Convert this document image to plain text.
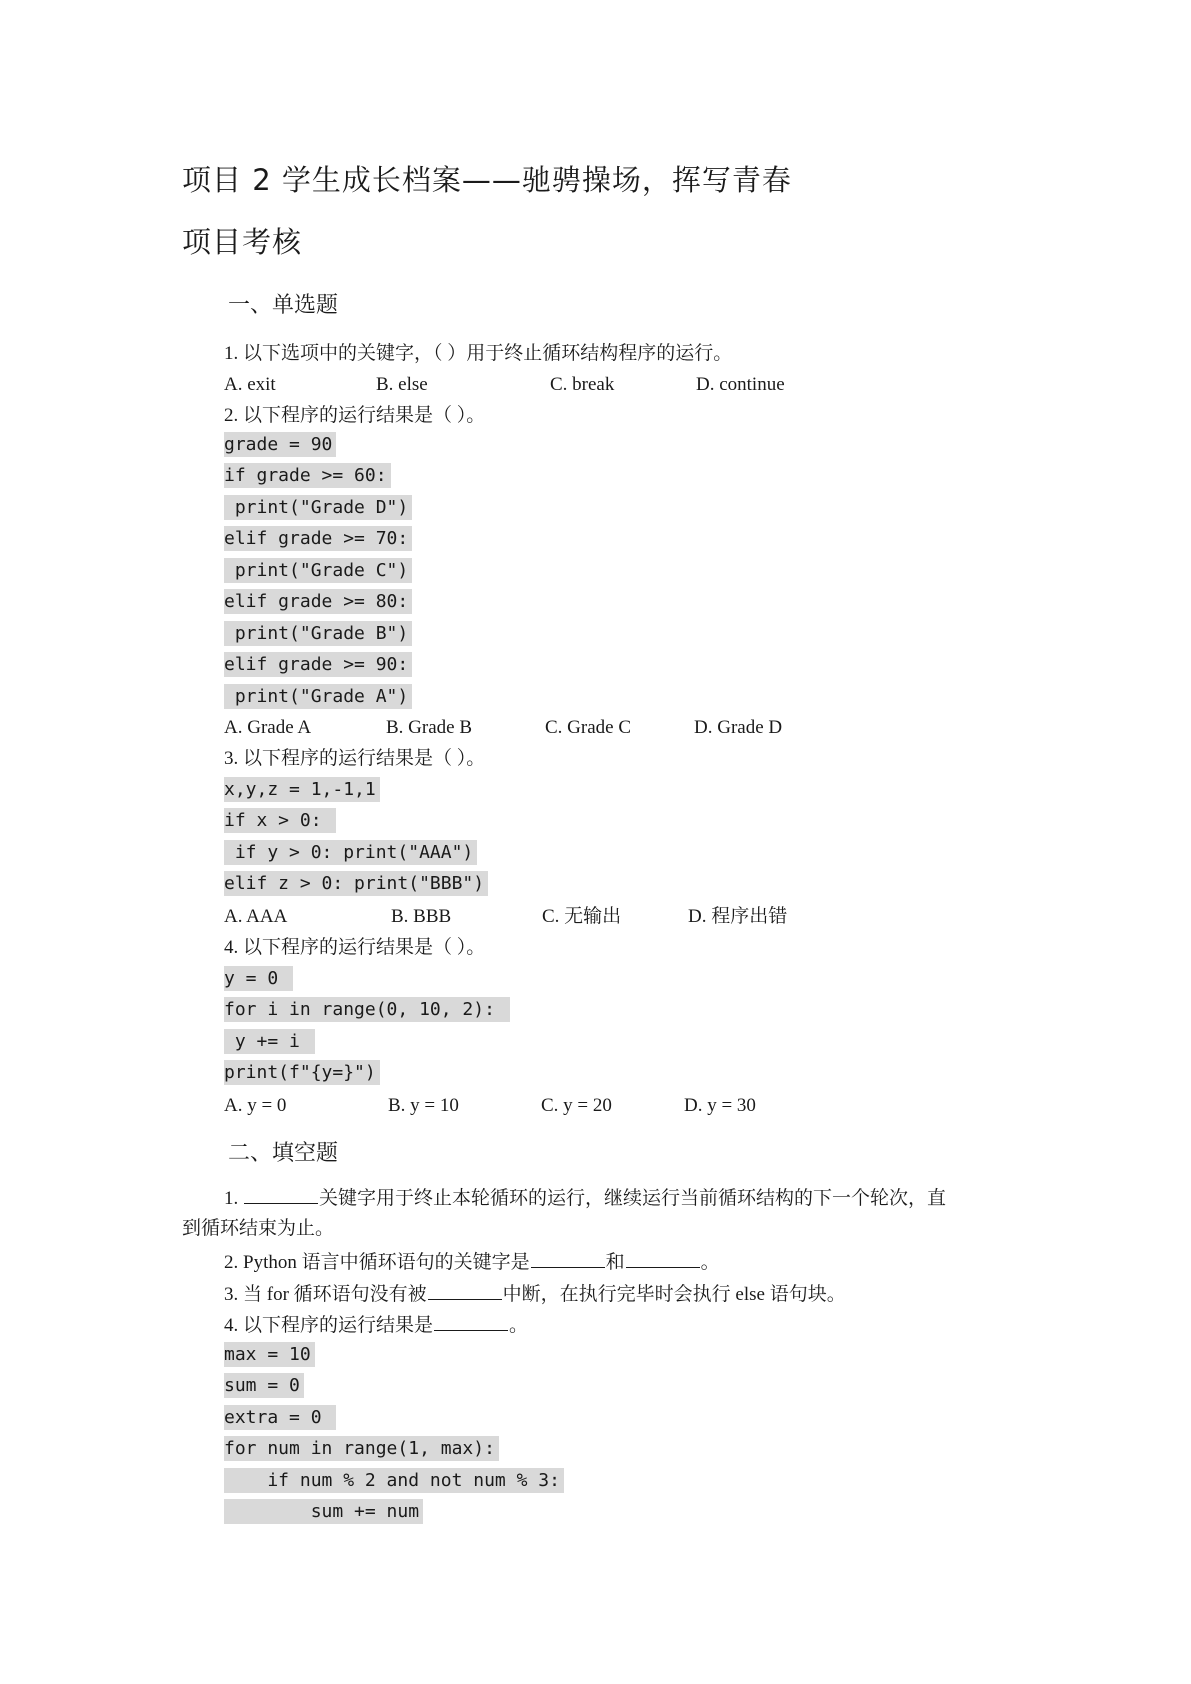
项目 2 学生成长档案——驰骋操场，挥写青春
项目考核
一、单选题
1. 以下选项中的关键字，（ ）用于终止循环结构程序的运行。
A. exit	B. else	C. break	D. continue
2. 以下程序的运行结果是（ ）。
grade = 90
if grade >= 60:
print("Grade D")
elif grade >= 70:
print("Grade C")
elif grade >= 80:
print("Grade B")
elif grade >= 90:
print("Grade A")
A. Grade A	B. Grade B	C. Grade C	D. Grade D
3. 以下程序的运行结果是（ ）。
x,y,z = 1,-1,1
if x > 0:
if y > 0: print("AAA")
elif z > 0: print("BBB")
A. AAA	B. BBB	C. 无输出	D. 程序出错
4. 以下程序的运行结果是（ ）。
y = 0
for i in range(0, 10, 2):
y += i
print(f"{y=}")
A. y = 0	B. y = 10	C. y = 20	D. y = 30
二、填空题
1.	关键字用于终止本轮循环的运行，继续运行当前循环结构的下一个轮次，直
到循环结束为止。
2. Python 语言中循环语句的关键字是	和	。
3. 当 for 循环语句没有被	中断，在执行完毕时会执行 else 语句块。
4. 以下程序的运行结果是	。
max = 10
sum = 0
extra = 0
for num in range(1, max):
if num % 2 and not num % 3:
sum += num
